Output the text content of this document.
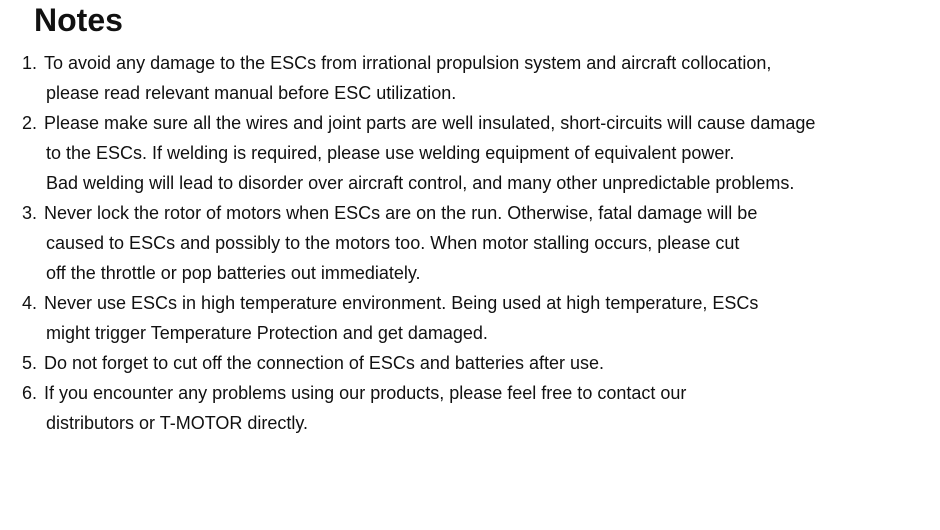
Notes
1. To avoid any damage to the ESCs from irrational propulsion system and aircraft collocation,
please read relevant manual before ESC utilization.
2. Please make sure all the wires and joint parts are well insulated, short-circuits will cause damage
to the ESCs. If welding is required, please use welding equipment of equivalent power.
Bad welding will lead to disorder over aircraft control, and many other unpredictable problems.
3. Never lock the rotor of motors when ESCs are on the run. Otherwise, fatal damage will be
caused to ESCs and possibly to the motors too. When motor stalling occurs, please cut
off the throttle or pop batteries out immediately.
4. Never use ESCs in high temperature environment. Being used at high temperature, ESCs
might trigger Temperature Protection and get damaged.
5. Do not forget to cut off the connection of ESCs and batteries after use.
6. If you encounter any problems using our products, please feel free to contact our
distributors or T-MOTOR directly.
